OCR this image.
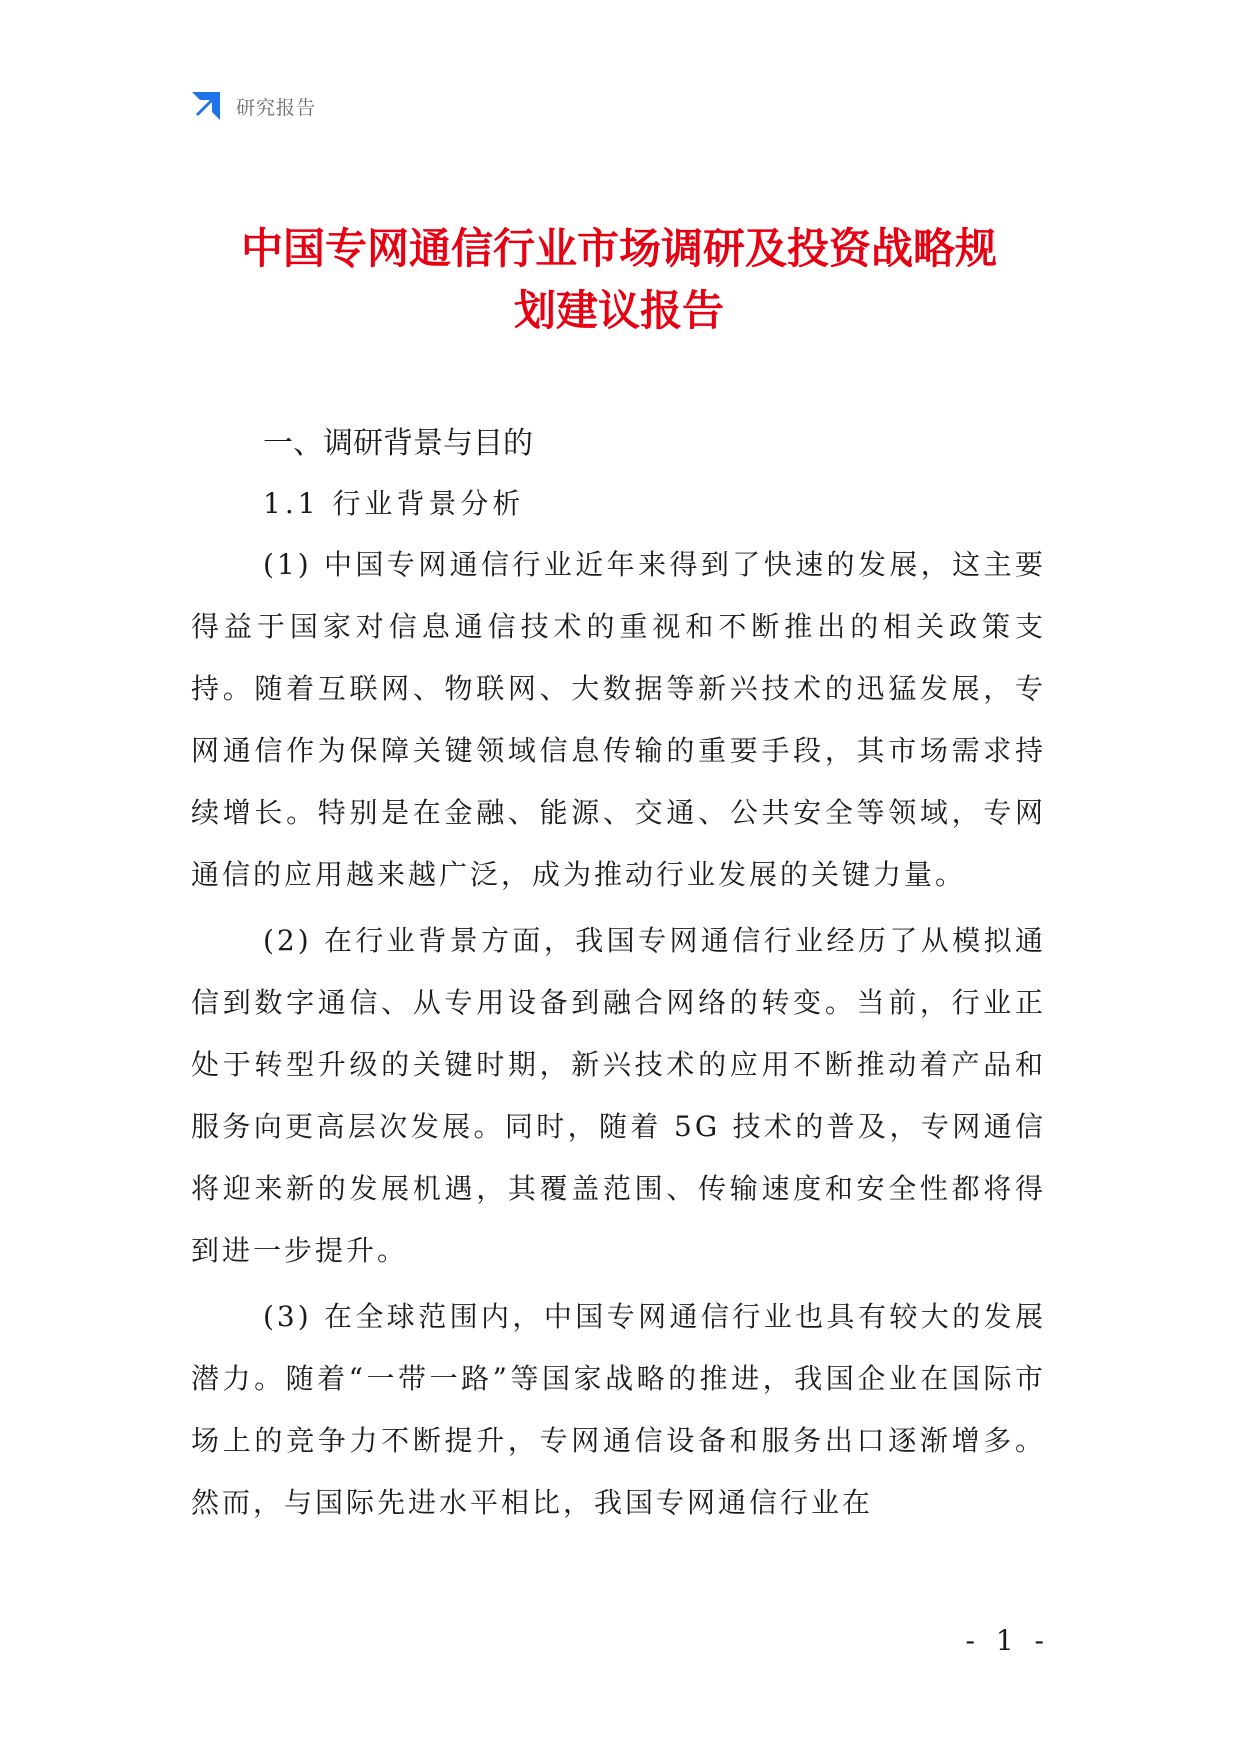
研究报告
中国专网通信行业市场调研及投资战略规
划建议报告
一、调研背景与目的
1.1 行业背景分析

(1) 中国专网通信行业近年来得到了快速的发展，这主要得益于国家对信息通信技术的重视和不断推出的相关政策支持。随着互联网、物联网、大数据等新兴技术的迅猛发展，专网通信作为保障关键领域信息传输的重要手段，其市场需求持续增长。特别是在金融、能源、交通、公共安全等领域，专网通信的应用越来越广泛，成为推动行业发展的关键力量。

(2) 在行业背景方面，我国专网通信行业经历了从模拟通信到数字通信、从专用设备到融合网络的转变。当前，行业正处于转型升级的关键时期，新兴技术的应用不断推动着产品和服务向更高层次发展。同时，随着 5G 技术的普及，专网通信将迎来新的发展机遇，其覆盖范围、传输速度和安全性都将得到进一步提升。

(3) 在全球范围内，中国专网通信行业也具有较大的发展潜力。随着“一带一路”等国家战略的推进，我国企业在国际市场上的竞争力不断提升，专网通信设备和服务出口逐渐增多。然而，与国际先进水平相比，我国专网通信行业在

- 1 -
